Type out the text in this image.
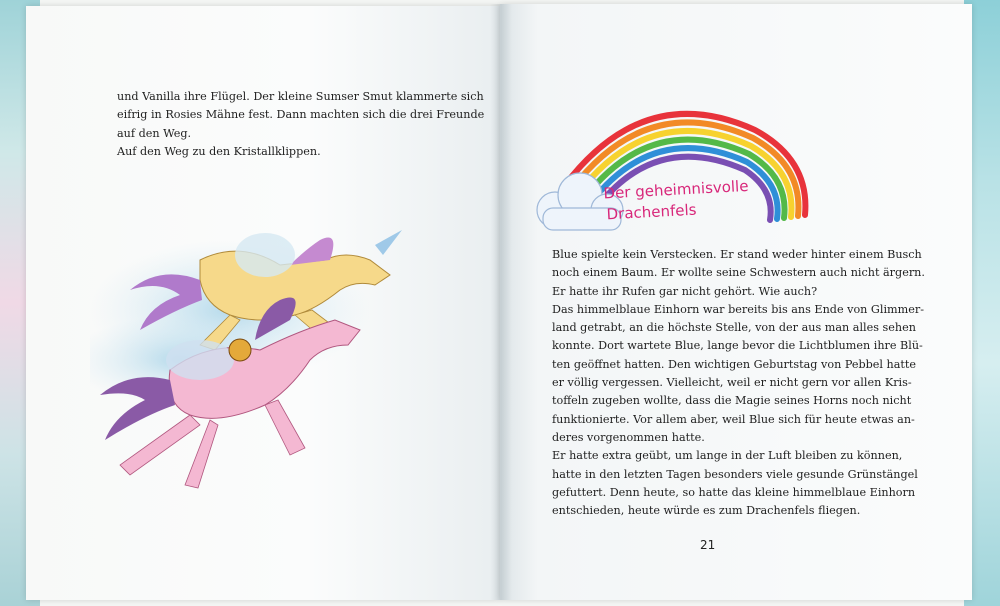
und Vanilla ihre Flügel. Der kleine Sumser Smut klammerte sich

eifrig in Rosies Mähne fest. Dann machten sich die drei Freunde

auf den Weg.

Auf den Weg zu den Kristallklippen.

Der geheimnisvolle
Drachenfels

Blue spielte kein Verstecken. Er stand weder hinter einem Busch

noch einem Baum. Er wollte seine Schwestern auch nicht ärgern.

Er hatte ihr Rufen gar nicht gehört. Wie auch?

Das himmelblaue Einhorn war bereits bis ans Ende von Glimmer-

land getrabt, an die höchste Stelle, von der aus man alles sehen

konnte. Dort wartete Blue, lange bevor die Lichtblumen ihre Blü-

ten geöffnet hatten. Den wichtigen Geburtstag von Pebbel hatte

er völlig vergessen. Vielleicht, weil er nicht gern vor allen Kris-

toffeln zugeben wollte, dass die Magie seines Horns noch nicht

funktionierte. Vor allem aber, weil Blue sich für heute etwas an-

deres vorgenommen hatte.

Er hatte extra geübt, um lange in der Luft bleiben zu können,

hatte in den letzten Tagen besonders viele gesunde Grünstängel

gefuttert. Denn heute, so hatte das kleine himmelblaue Einhorn

entschieden, heute würde es zum Drachenfels fliegen.

21
